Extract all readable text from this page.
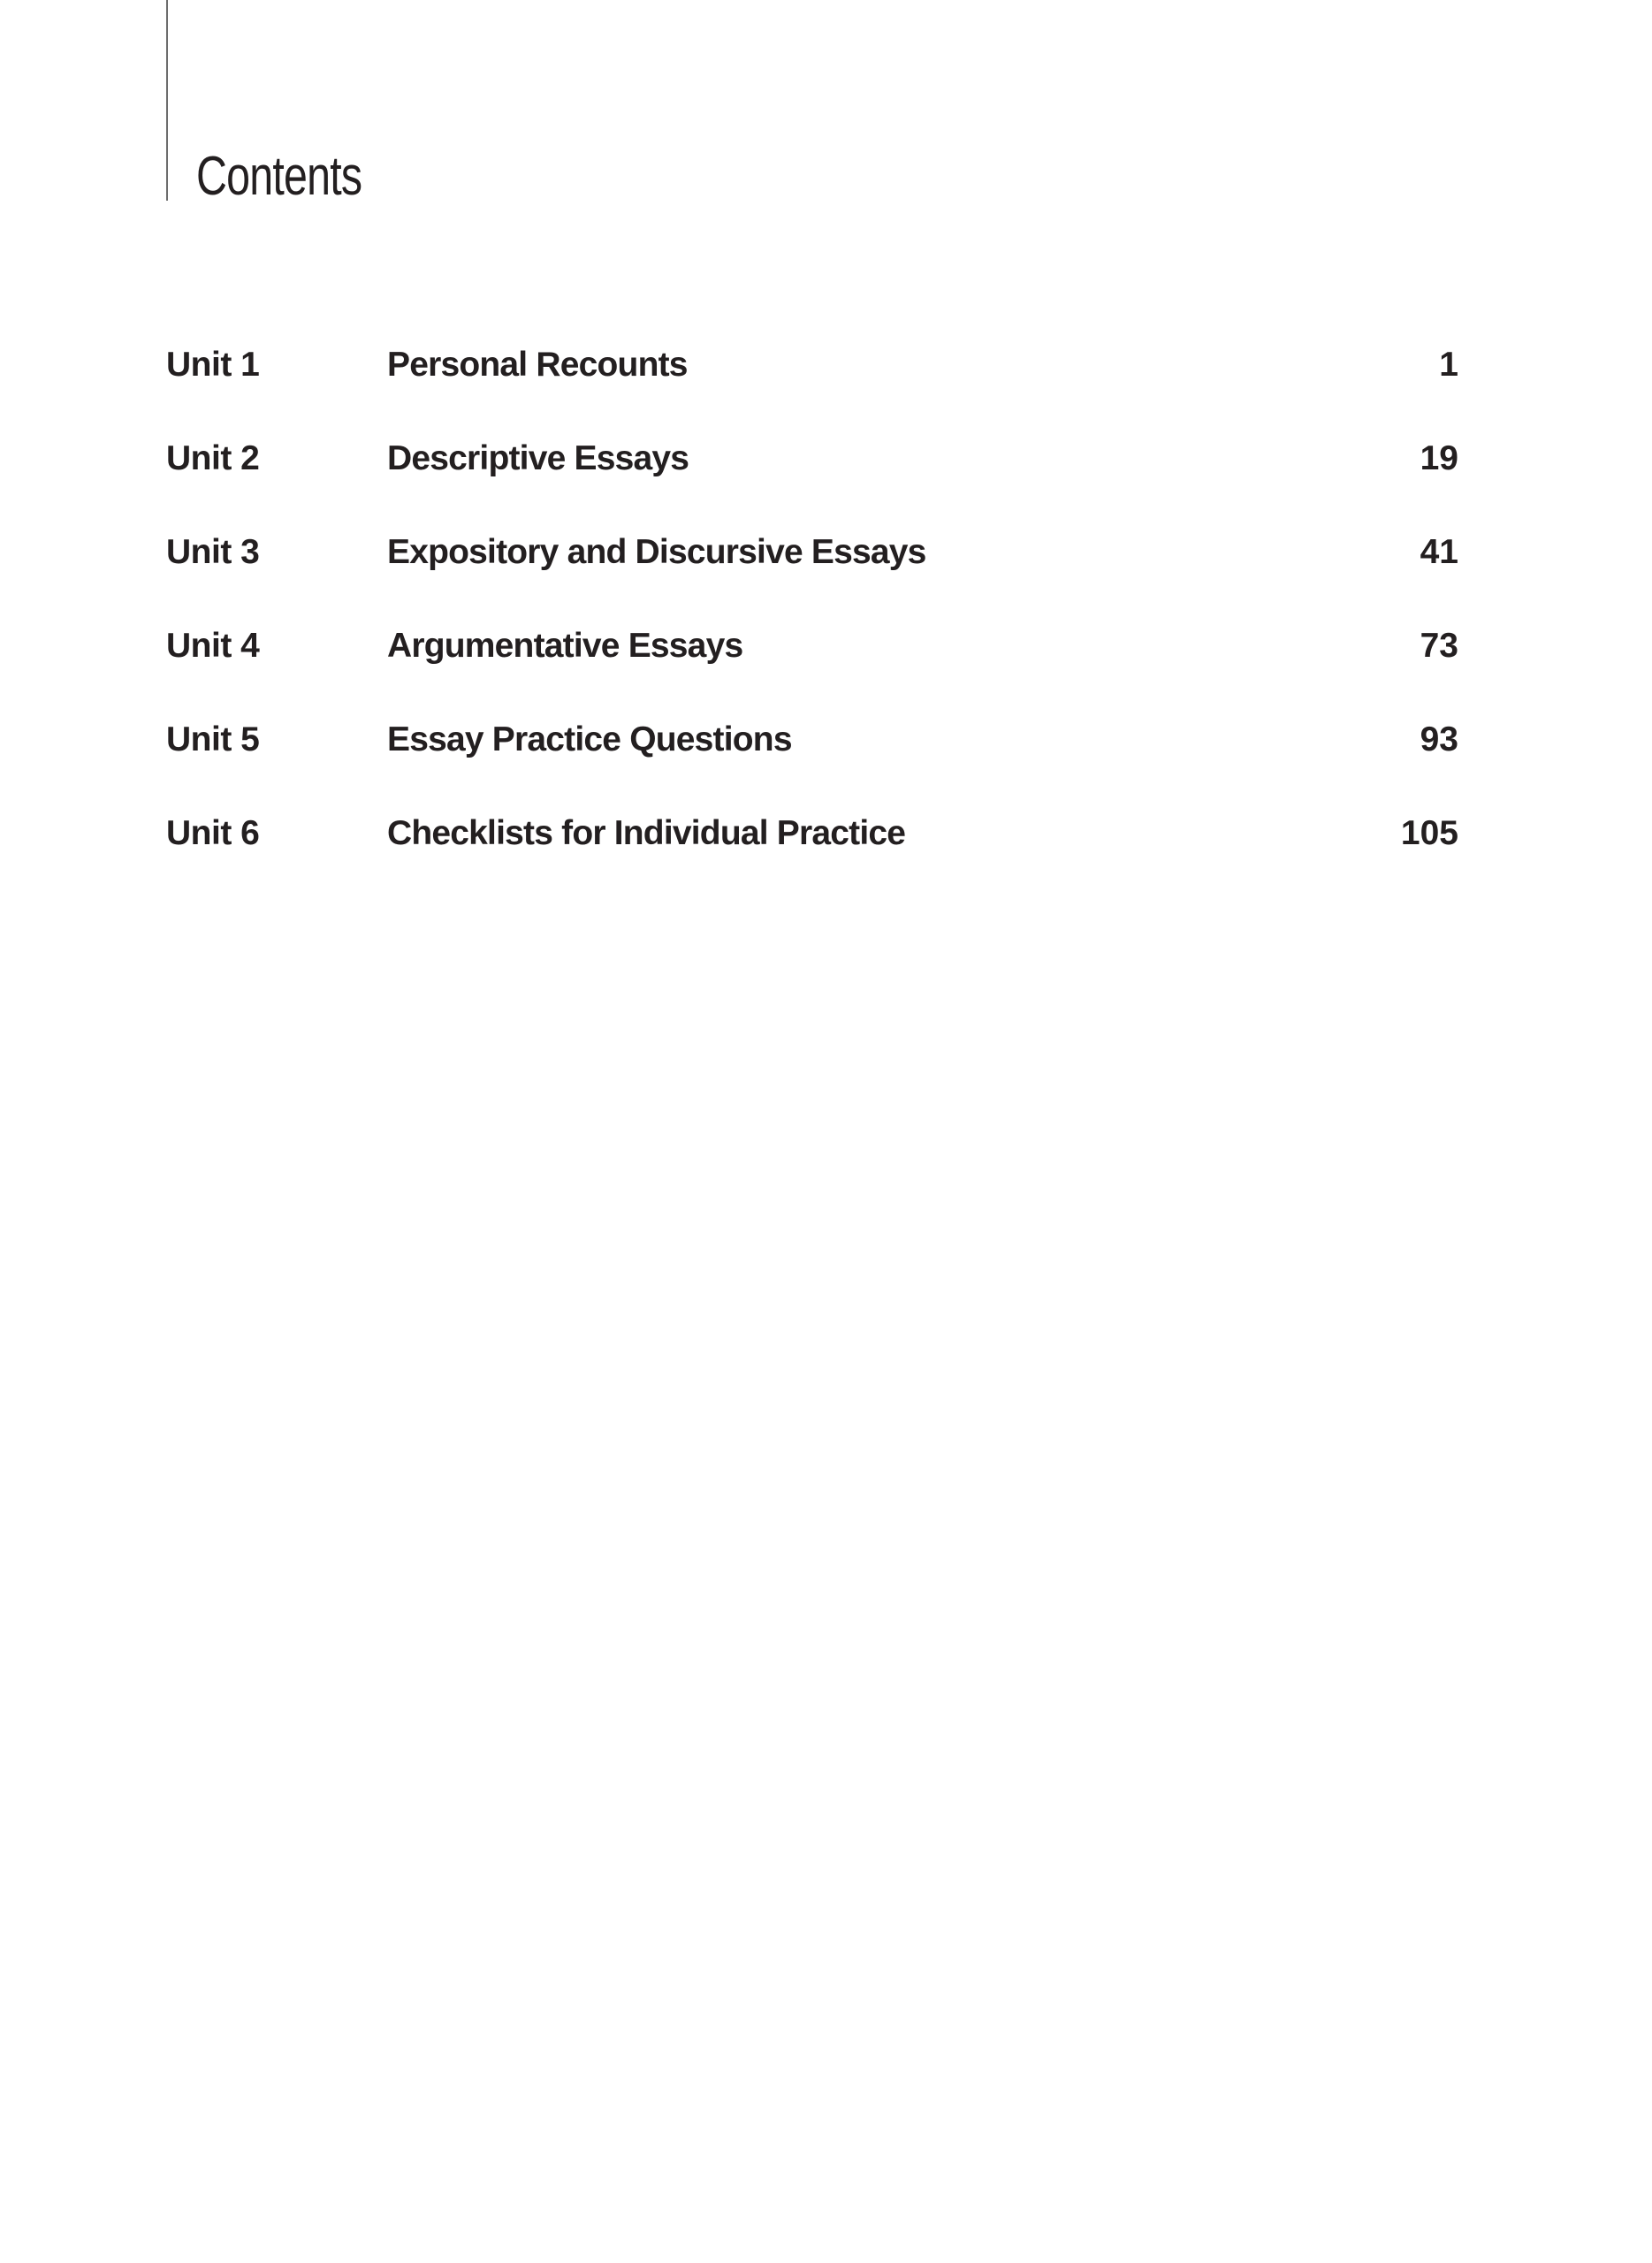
Contents
Unit 1	Personal Recounts	1
Unit 2	Descriptive Essays	19
Unit 3	Expository and Discursive Essays	41
Unit 4	Argumentative Essays	73
Unit 5	Essay Practice Questions	93
Unit 6	Checklists for Individual Practice	105
